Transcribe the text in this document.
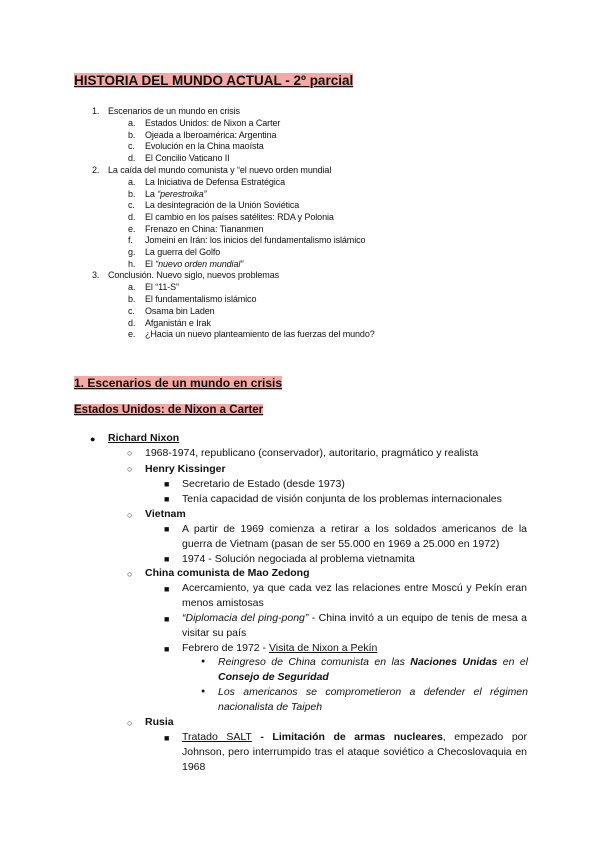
HISTORIA DEL MUNDO ACTUAL - 2º parcial
1. Escenarios de un mundo en crisis
a. Estados Unidos: de Nixon a Carter
b. Ojeada a Iberoamérica: Argentina
c. Evolución en la China maoísta
d. El Concilio Vaticano II
2. La caída del mundo comunista y “el nuevo orden mundial
a. La Iniciativa de Defensa Estratégica
b. La “perestroika”
c. La desintegración de la Unión Soviética
d. El cambio en los países satélites: RDA y Polonia
e. Frenazo en China: Tiananmen
f. Jomeini en Irán: los inicios del fundamentalismo islámico
g. La guerra del Golfo
h. El “nuevo orden mundial”
3. Conclusión. Nuevo siglo, nuevos problemas
a. El “11-S”
b. El fundamentalismo islámico
c. Osama bin Laden
d. Afganistán e Irak
e. ¿Hacia un nuevo planteamiento de las fuerzas del mundo?
1. Escenarios de un mundo en crisis
Estados Unidos: de Nixon a Carter
● Richard Nixon
○ 1968-1974, republicano (conservador), autoritario, pragmático y realista
○ Henry Kissinger
■ Secretario de Estado (desde 1973)
■ Tenía capacidad de visión conjunta de los problemas internacionales
○ Vietnam
■ A partir de 1969 comienza a retirar a los soldados americanos de la guerra de Vietnam (pasan de ser 55.000 en 1969 a 25.000 en 1972)
■ 1974 - Solución negociada al problema vietnamita
○ China comunista de Mao Zedong
■ Acercamiento, ya que cada vez las relaciones entre Moscú y Pekín eran menos amistosas
■ “Diplomacia del ping-pong” - China invitó a un equipo de tenis de mesa a visitar su país
■ Febrero de 1972 - Visita de Nixon a Pekín
● Reingreso de China comunista en las Naciones Unidas en el Consejo de Seguridad
● Los americanos se comprometieron a defender el régimen nacionalista de Taipeh
○ Rusia
■ Tratado SALT - Limitación de armas nucleares, empezado por Johnson, pero interrumpido tras el ataque soviético a Checoslovaquia en 1968
